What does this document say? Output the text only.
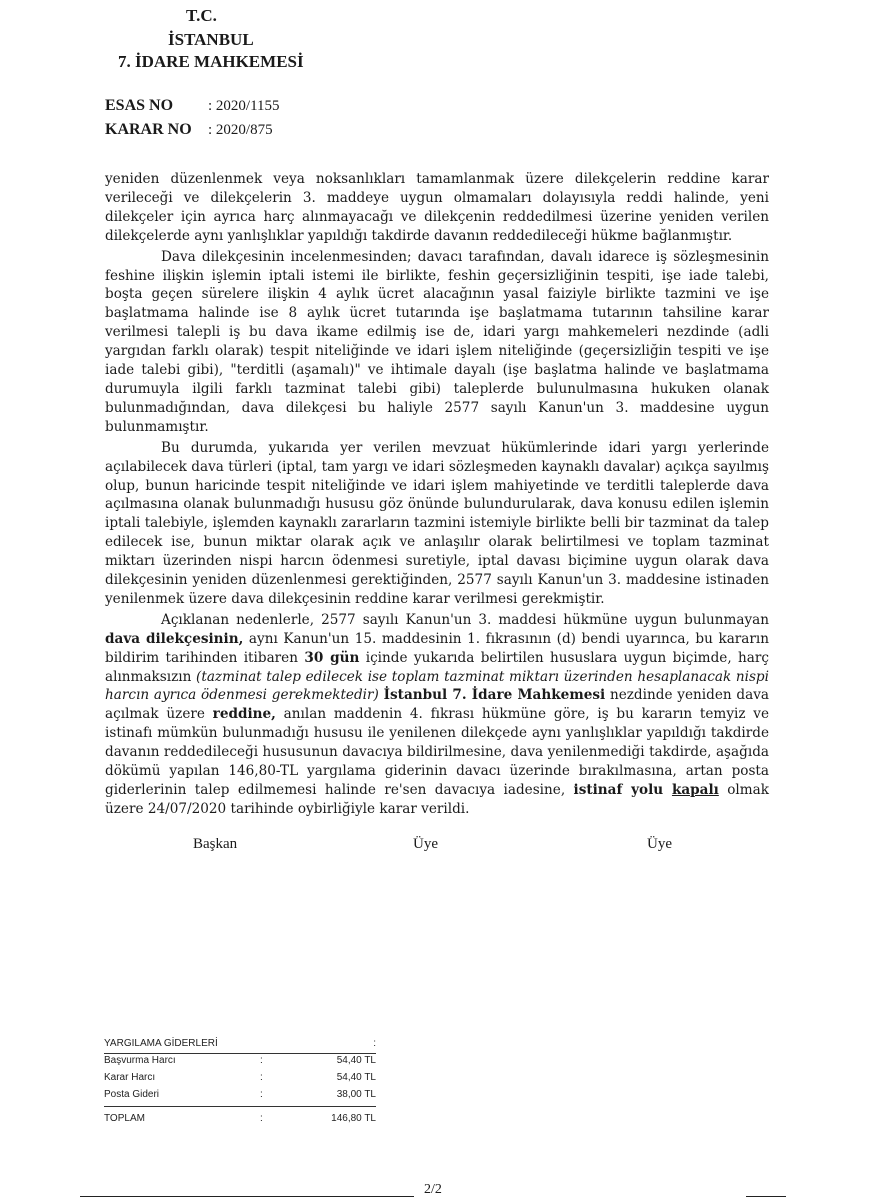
T.C.
İSTANBUL
7. İDARE MAHKEMESİ
ESAS NO : 2020/1155
KARAR NO : 2020/875

yeniden düzenlenmek veya noksanlıkları tamamlanmak üzere dilekçelerin reddine karar verileceği ve dilekçelerin 3. maddeye uygun olmamaları dolayısıyla reddi halinde, yeni dilekçeler için ayrıca harç alınmayacağı ve dilekçenin reddedilmesi üzerine yeniden verilen dilekçelerde aynı yanlışlıklar yapıldığı takdirde davanın reddedileceği hükme bağlanmıştır.

Dava dilekçesinin incelenmesinden; davacı tarafından, davalı idarece iş sözleşmesinin feshine ilişkin işlemin iptali istemi ile birlikte, feshin geçersizliğinin tespiti, işe iade talebi, boşta geçen sürelere ilişkin 4 aylık ücret alacağının yasal faiziyle birlikte tazmini ve işe başlatmama halinde ise 8 aylık ücret tutarında işe başlatmama tutarının tahsiline karar verilmesi talepli iş bu dava ikame edilmiş ise de, idari yargı mahkemeleri nezdinde (adli yargıdan farklı olarak) tespit niteliğinde ve idari işlem niteliğinde (geçersizliğin tespiti ve işe iade talebi gibi), "terditli (aşamalı)" ve ihtimale dayalı (işe başlatma halinde ve başlatmama durumuyla ilgili farklı tazminat talebi gibi) taleplerde bulunulmasına hukuken olanak bulunmadığından, dava dilekçesi bu haliyle 2577 sayılı Kanun'un 3. maddesine uygun bulunmamıştır.

Bu durumda, yukarıda yer verilen mevzuat hükümlerinde idari yargı yerlerinde açılabilecek dava türleri (iptal, tam yargı ve idari sözleşmeden kaynaklı davalar) açıkça sayılmış olup, bunun haricinde tespit niteliğinde ve idari işlem mahiyetinde ve terditli taleplerde dava açılmasına olanak bulunmadığı hususu göz önünde bulundurularak, dava konusu edilen işlemin iptali talebiyle, işlemden kaynaklı zararların tazmini istemiyle birlikte belli bir tazminat da talep edilecek ise, bunun miktar olarak açık ve anlaşılır olarak belirtilmesi ve toplam tazminat miktarı üzerinden nispi harcın ödenmesi suretiyle, iptal davası biçimine uygun olarak dava dilekçesinin yeniden düzenlenmesi gerektiğinden, 2577 sayılı Kanun'un 3. maddesine istinaden yenilenmek üzere dava dilekçesinin reddine karar verilmesi gerekmiştir.

Açıklanan nedenlerle, 2577 sayılı Kanun'un 3. maddesi hükmüne uygun bulunmayan dava dilekçesinin, aynı Kanun'un 15. maddesinin 1. fıkrasının (d) bendi uyarınca, bu kararın bildirim tarihinden itibaren 30 gün içinde yukarıda belirtilen hususlara uygun biçimde, harç alınmaksızın (tazminat talep edilecek ise toplam tazminat miktarı üzerinden hesaplanacak nispi harcın ayrıca ödenmesi gerekmektedir) İstanbul 7. İdare Mahkemesi nezdinde yeniden dava açılmak üzere reddine, anılan maddenin 4. fıkrası hükmüne göre, iş bu kararın temyiz ve istinafı mümkün bulunmadığı hususu ile yenilenen dilekçede aynı yanlışlıklar yapıldığı takdirde davanın reddedileceği hususunun davacıya bildirilmesine, dava yenilenmediği takdirde, aşağıda dökümü yapılan 146,80-TL yargılama giderinin davacı üzerinde bırakılmasına, artan posta giderlerinin talep edilmemesi halinde re'sen davacıya iadesine, istinaf yolu kapalı olmak üzere 24/07/2020 tarihinde oybirliğiyle karar verildi.

Başkan	Üye	Üye
YARGILAMA GİDERLERİ	:
Başvurma Harcı	:	54,40 TL
Karar Harcı	:	54,40 TL
Posta Gideri	:	38,00 TL
TOPLAM	:	146,80 TL
2/2
